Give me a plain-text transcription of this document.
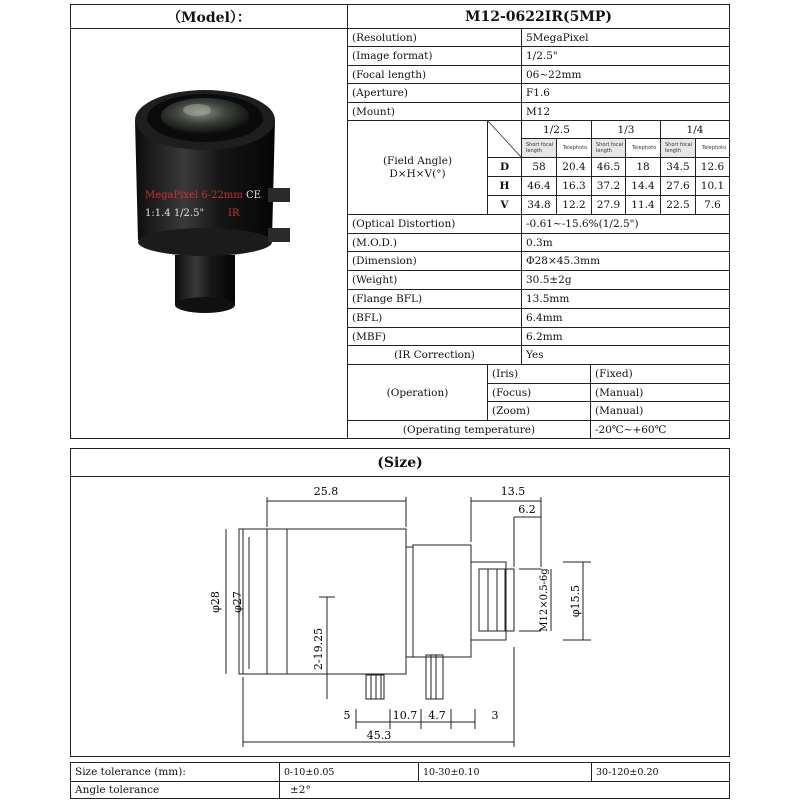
（Model）：	M12-0622IR(5MP)
(Resolution)	5MegaPixel
(Image format)	1/2.5"
(Focal length)	06~22mm
(Aperture)	F1.6
(Mount)	M12
(Field Angle)
D×H×V(°)
1/2.5	1/3	1/4
Short focal length	Telephoto	Short focal length	Telephoto	Short focal length	Telephoto
D	58	20.4	46.5	18	34.5	12.6
H	46.4	16.3	37.2	14.4	27.6	10.1
V	34.8	12.2	27.9	11.4	22.5	7.6
(Optical Distortion)	-0.61~-15.6%(1/2.5")
(M.O.D.)	0.3m
(Dimension)	Φ28×45.3mm
(Weight)	30.5±2g
(Flange BFL)	13.5mm
(BFL)	6.4mm
(MBF)	6.2mm
(IR Correction)	Yes
(Operation)
(Iris)	(Fixed)
(Focus)	(Manual)
(Zoom)	(Manual)
(Operating temperature)	-20℃~+60℃
MegaPixel 6-22mm
1:1.4 1/2.5" IR
CE
(Size)
25.8	13.5
6.2
φ28 φ27
2-19.25
M12×0.5-6g φ15.5
5	10.7 4.7	3
45.3
Size tolerance (mm):	0-10±0.05	10-30±0.10	30-120±0.20
Angle tolerance	±2°
